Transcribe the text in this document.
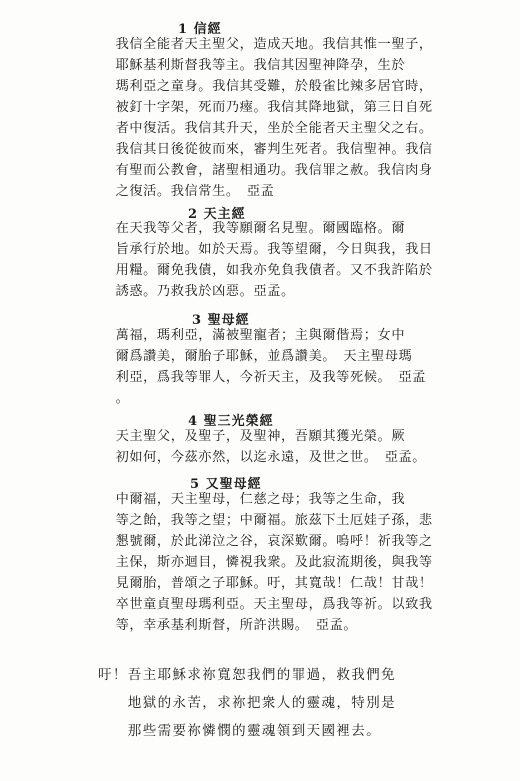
1 信經
　　我信全能者天主聖父，造成天地。我信其惟一聖子，
　　耶穌基利斯督我等主。我信其因聖神降孕，生於
　　瑪利亞之童身。我信其受難，於般雀比辣多居官時，
　　被釘十字架，死而乃瘞。我信其降地獄，第三日自死
　　者中復活。我信其升天，坐於全能者天主聖父之右。
　　我信其日後從彼而來，審判生死者。我信聖神。我信
　　有聖而公教會，諸聖相通功。我信罪之赦。我信肉身
　　之復活。我信常生。　亞孟
2 天主經
　　在天我等父者，我等願爾名見聖。爾國臨格。爾
　　旨承行於地。如於天焉。我等望爾，今日與我，我日
　　用糧。爾免我債，如我亦免負我債者。又不我許陷於
　　誘惑。乃救我於凶惡。亞孟。
3 聖母經
　　萬福，瑪利亞，滿被聖寵者；主與爾偕焉；女中
　　爾爲讚美，爾胎子耶穌，並爲讚美。　天主聖母瑪
　　利亞，爲我等罪人，今祈天主，及我等死候。　亞孟
　　。
4 聖三光榮經
　　天主聖父，及聖子，及聖神，吾願其獲光榮。厥
　　初如何，今茲亦然，以迄永遠，及世之世。　亞孟。
5 又聖母經
　　中爾福，天主聖母，仁慈之母；我等之生命，我
　　等之飴，我等之望；中爾福。旅茲下土厄娃子孫，悲
　　懇號爾，於此涕泣之谷，哀深歎爾。嗚呼！祈我等之
　　主保，斯亦迴目，憐視我衆。及此寂流期後，與我等
　　見爾胎，普頌之子耶穌。吁，其寬哉！仁哉！甘哉！
　　卒世童貞聖母瑪利亞。天主聖母，爲我等祈。以致我
　　等，幸承基利斯督，所許洪賜。　亞孟。
吁！吾主耶穌求祢寬恕我們的罪過，救我們免
　　地獄的永苦，求祢把衆人的靈魂，特別是
　　那些需要祢憐憫的靈魂領到天國裡去。
